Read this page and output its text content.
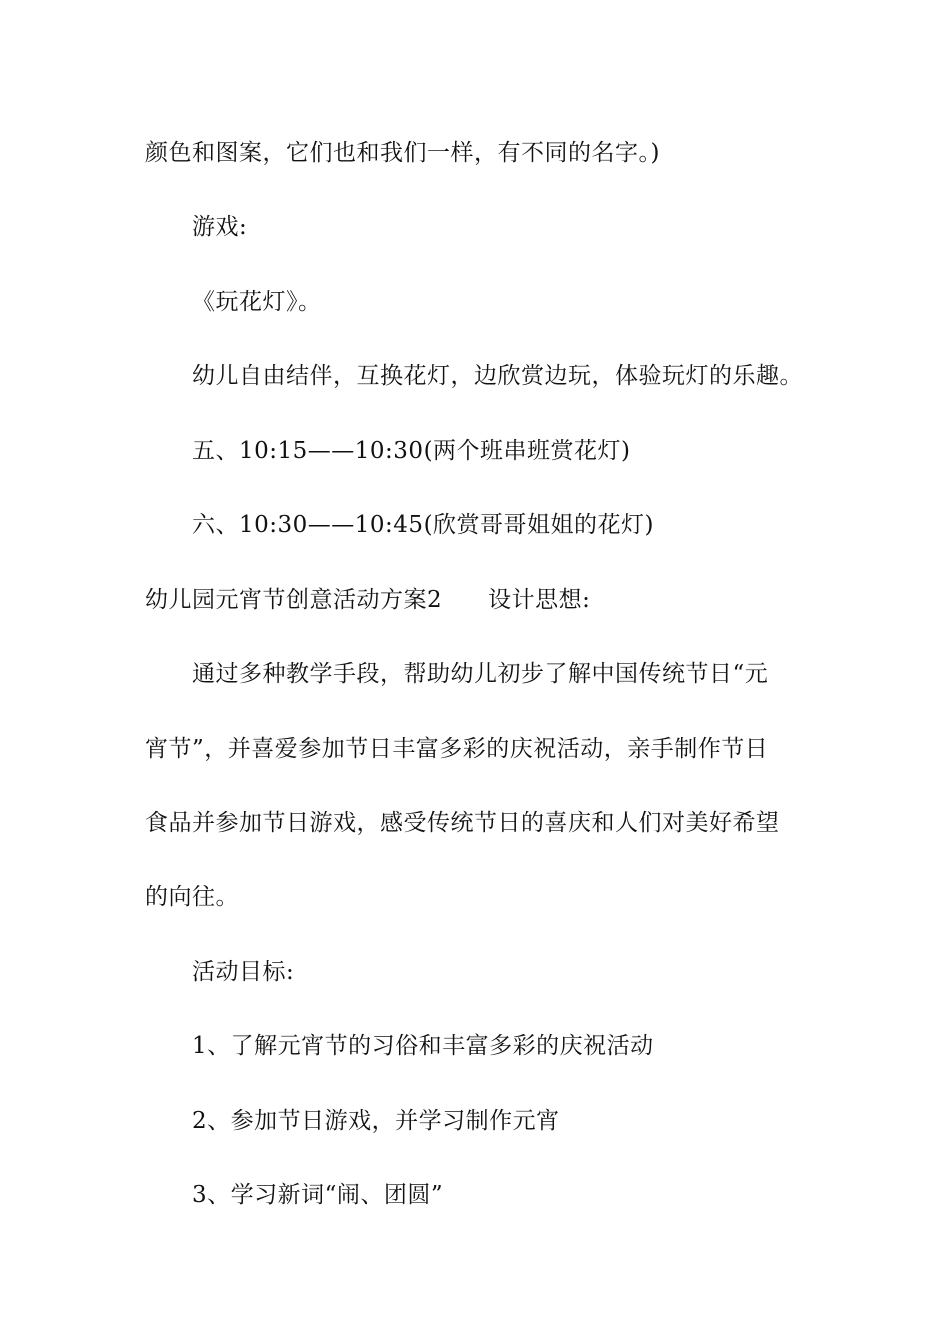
颜色和图案，它们也和我们一样，有不同的名字。)
游戏:
《玩花灯》。
幼儿自由结伴，互换花灯，边欣赏边玩，体验玩灯的乐趣。
五、10:15——10:30(两个班串班赏花灯)
六、10:30——10:45(欣赏哥哥姐姐的花灯)
幼儿园元宵节创意活动方案2 设计思想:
通过多种教学手段，帮助幼儿初步了解中国传统节日“元
宵节”，并喜爱参加节日丰富多彩的庆祝活动，亲手制作节日
食品并参加节日游戏，感受传统节日的喜庆和人们对美好希望
的向往。
活动目标:
1、了解元宵节的习俗和丰富多彩的庆祝活动
2、参加节日游戏，并学习制作元宵
3、学习新词“闹、团圆”
